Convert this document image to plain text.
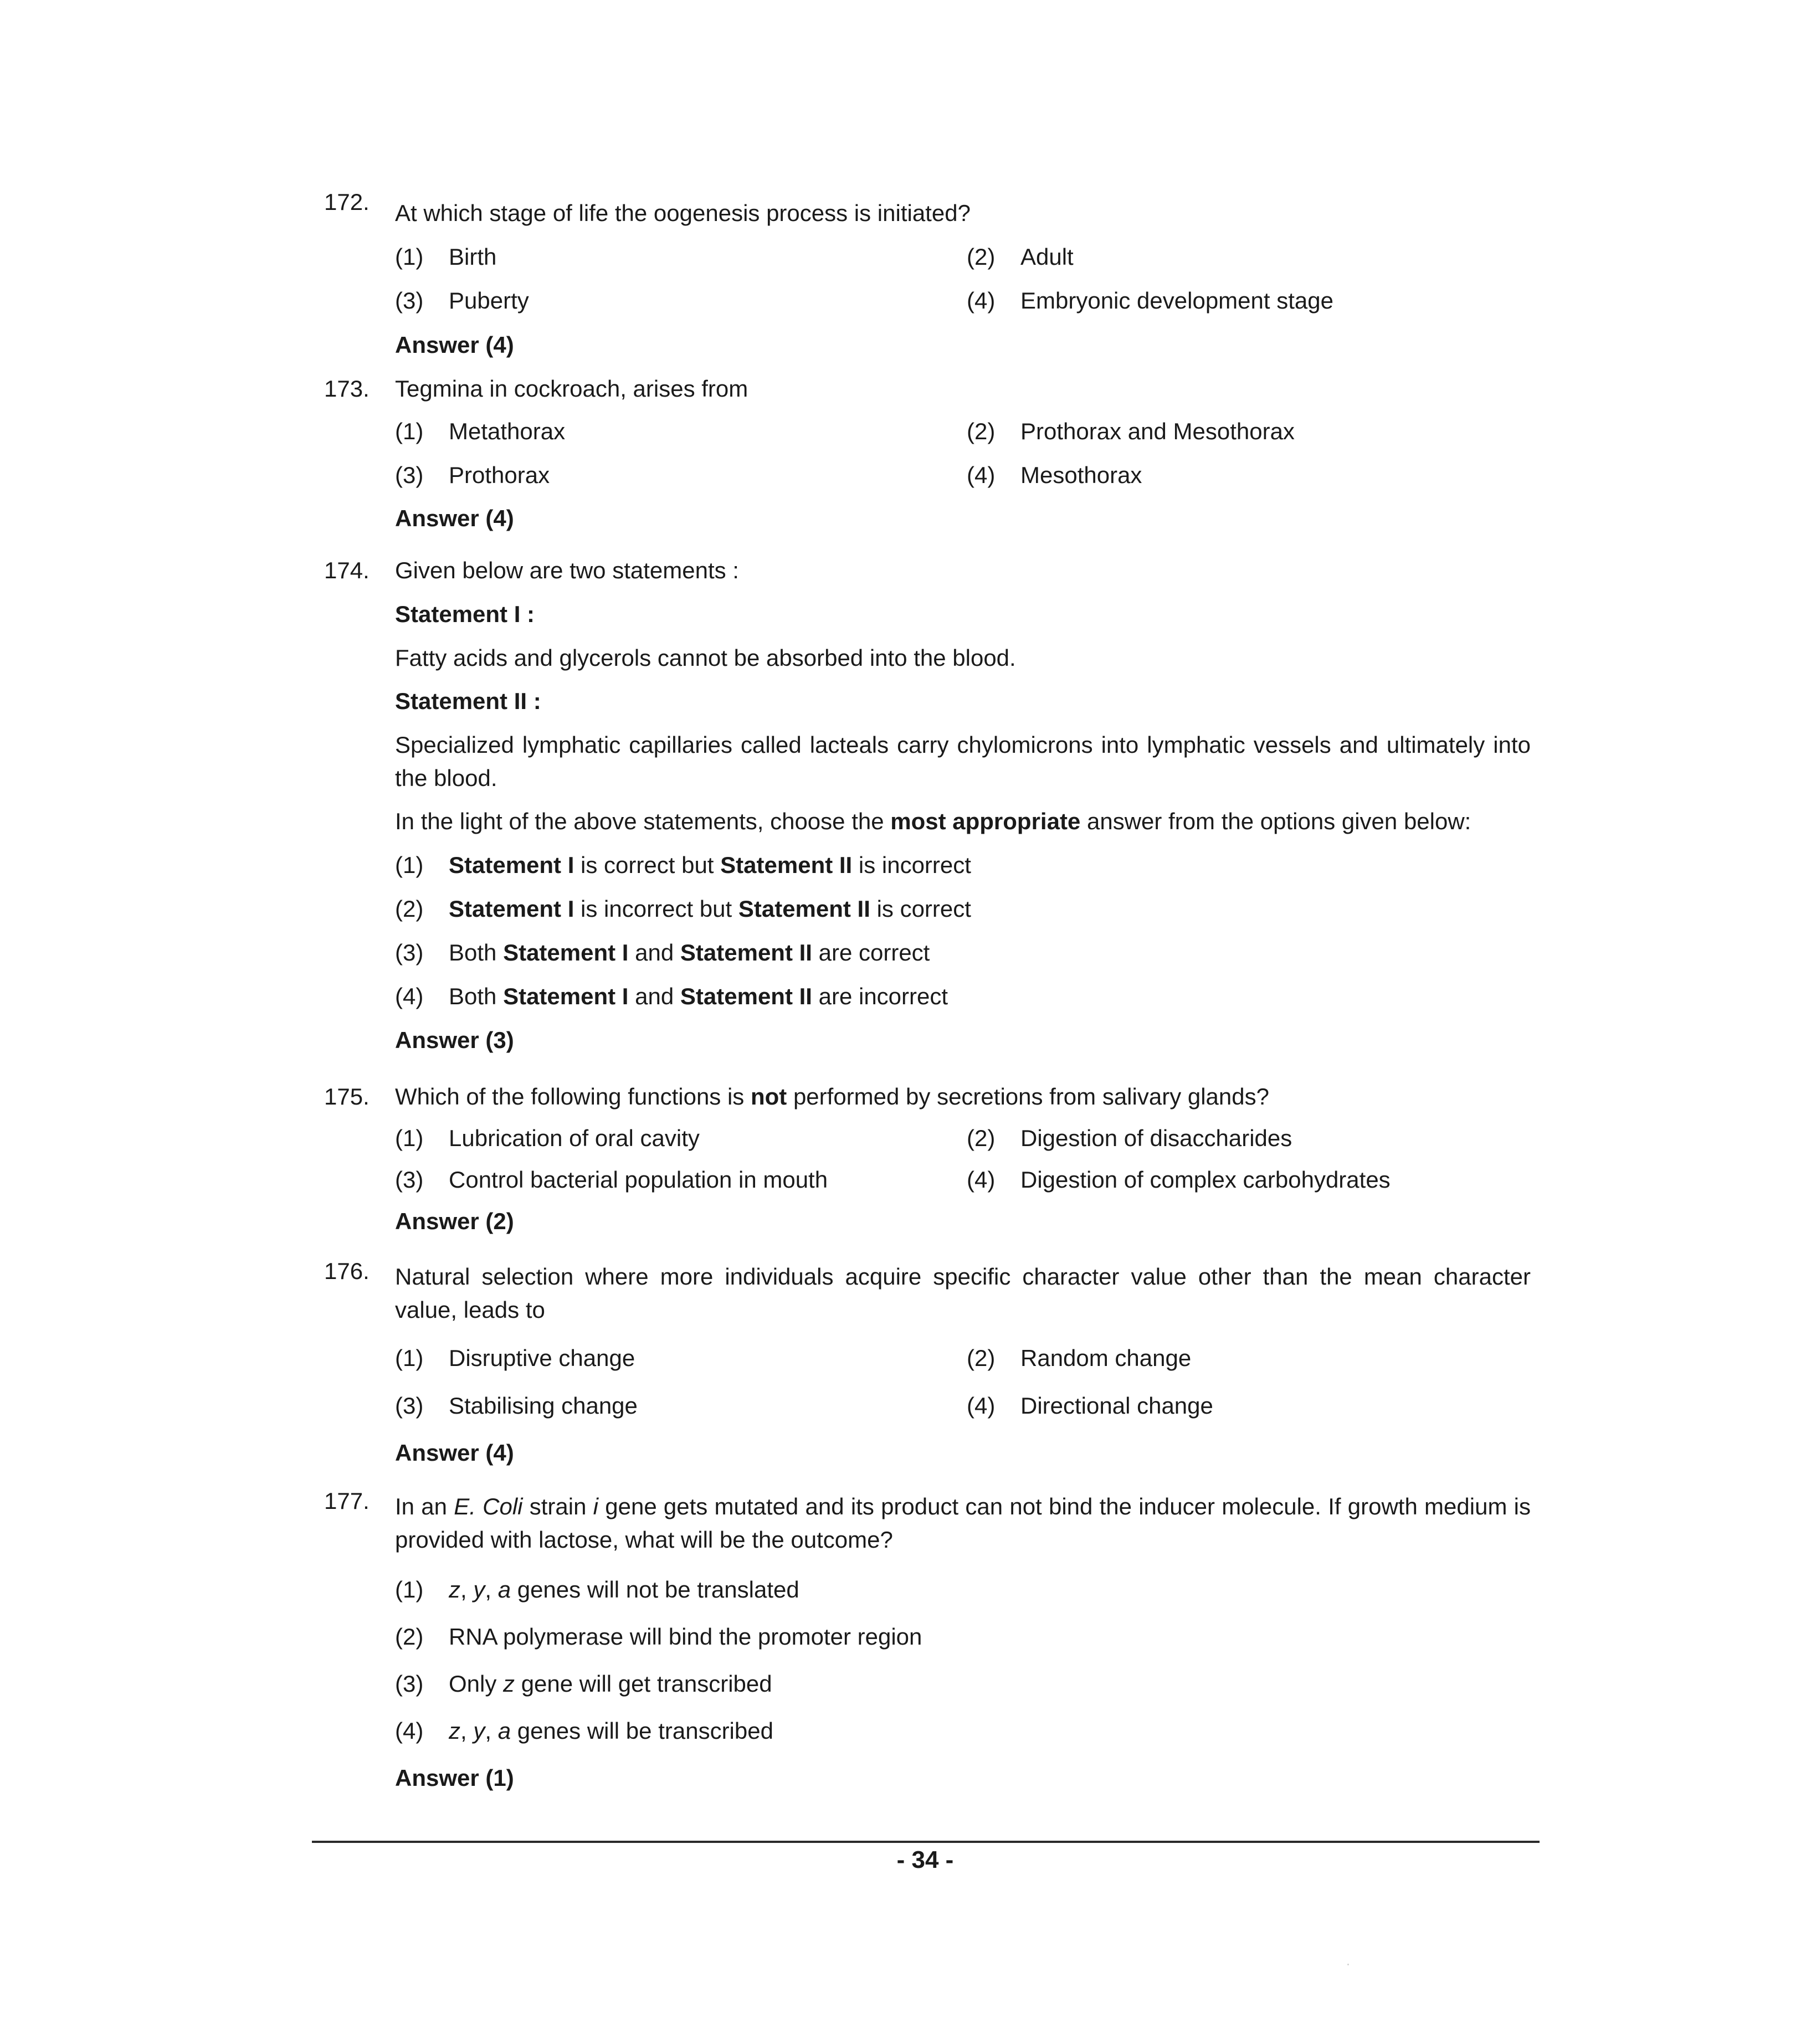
172. At which stage of life the oogenesis process is initiated?
(1) Birth	(2) Adult
(3) Puberty	(4) Embryonic development stage
Answer (4)
173. Tegmina in cockroach, arises from
(1) Metathorax	(2) Prothorax and Mesothorax
(3) Prothorax	(4) Mesothorax
Answer (4)
174. Given below are two statements :
Statement I :
Fatty acids and glycerols cannot be absorbed into the blood.
Statement II :
Specialized lymphatic capillaries called lacteals carry chylomicrons into lymphatic vessels and ultimately into the blood.
In the light of the above statements, choose the most appropriate answer from the options given below:
(1) Statement I is correct but Statement II is incorrect
(2) Statement I is incorrect but Statement II is correct
(3) Both Statement I and Statement II are correct
(4) Both Statement I and Statement II are incorrect
Answer (3)
175. Which of the following functions is not performed by secretions from salivary glands?
(1) Lubrication of oral cavity	(2) Digestion of disaccharides
(3) Control bacterial population in mouth	(4) Digestion of complex carbohydrates
Answer (2)
176. Natural selection where more individuals acquire specific character value other than the mean character value, leads to
(1) Disruptive change	(2) Random change
(3) Stabilising change	(4) Directional change
Answer (4)
177. In an E. Coli strain i gene gets mutated and its product can not bind the inducer molecule. If growth medium is provided with lactose, what will be the outcome?
(1) z, y, a genes will not be translated
(2) RNA polymerase will bind the promoter region
(3) Only z gene will get transcribed
(4) z, y, a genes will be transcribed
Answer (1)
- 34 -
